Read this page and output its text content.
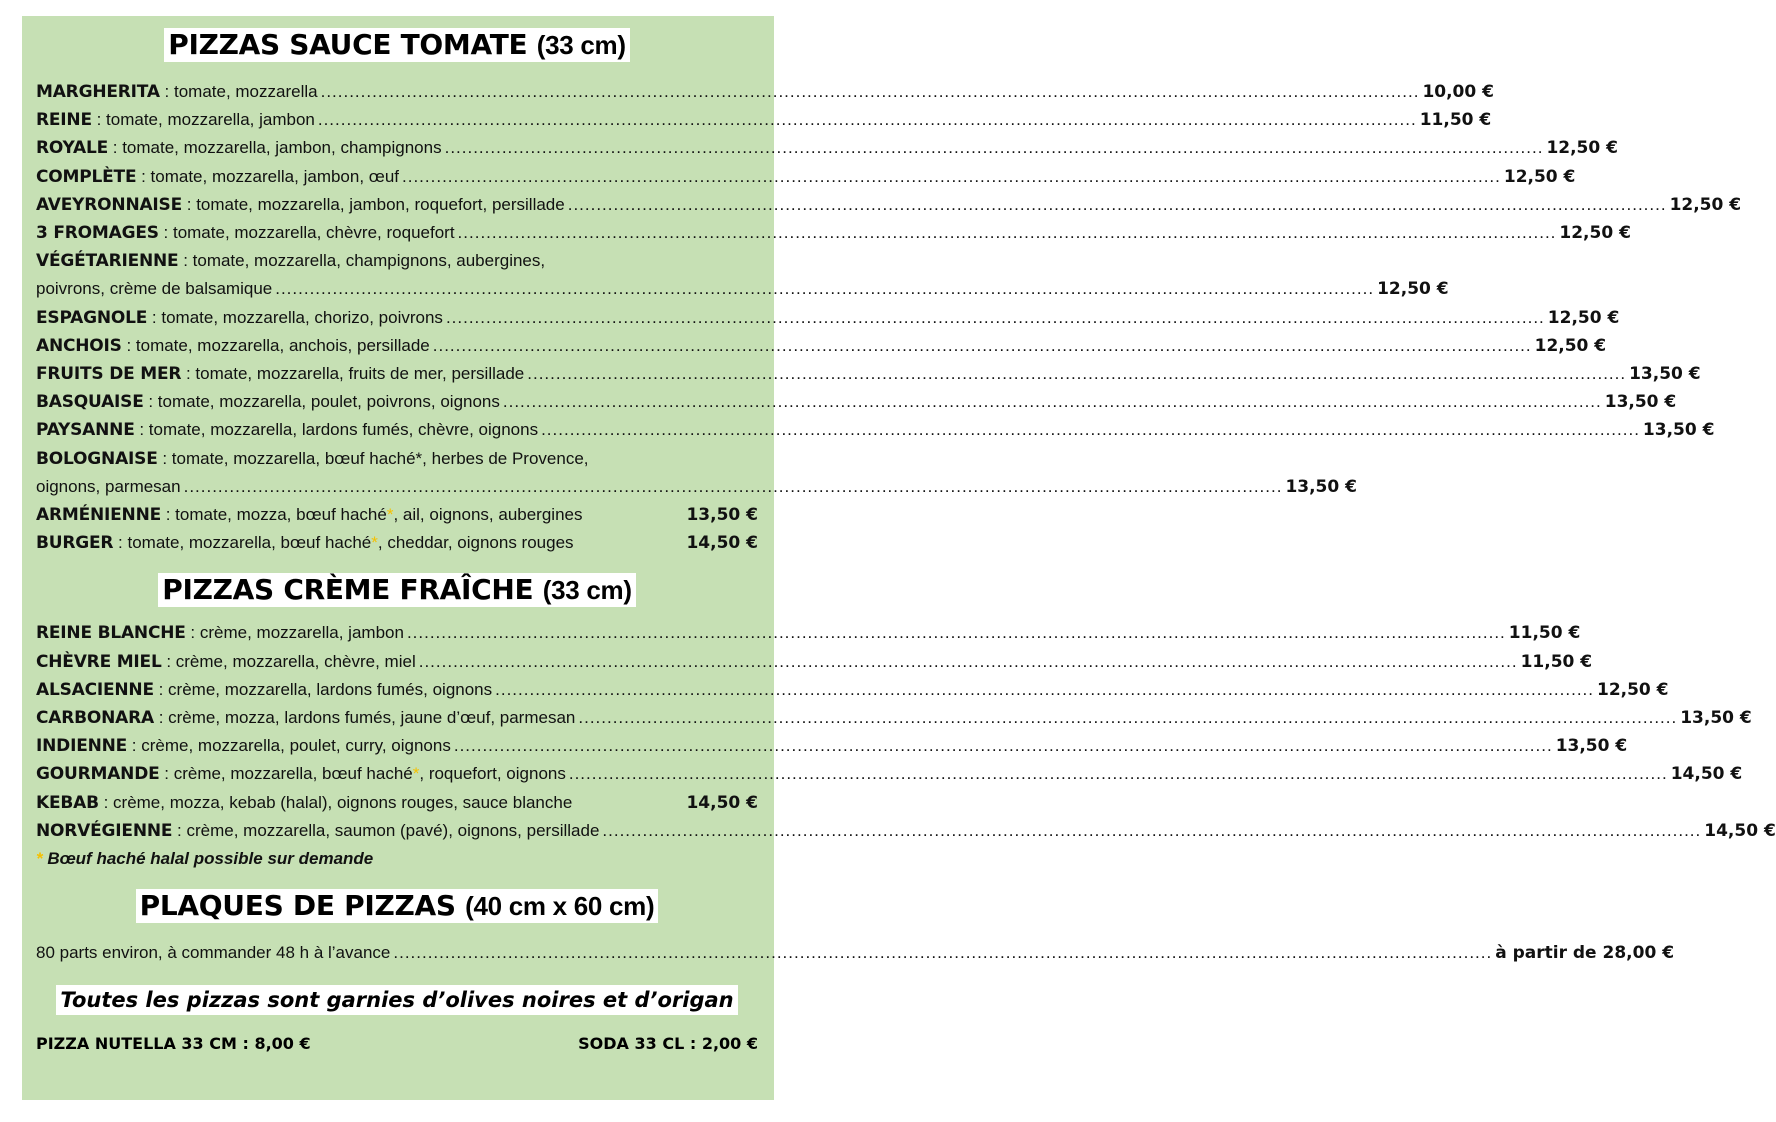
PIZZAS SAUCE TOMATE (33 cm)
MARGHERITA : tomate, mozzarella .....	10,00 €
REINE : tomate, mozzarella, jambon .....	11,50 €
ROYALE : tomate, mozzarella, jambon, champignons .....	12,50 €
COMPLÈTE : tomate, mozzarella, jambon, œuf .....	12,50 €
AVEYRONNAISE : tomate, mozzarella, jambon, roquefort, persillade .....	12,50 €
3 FROMAGES : tomate, mozzarella, chèvre, roquefort .....	12,50 €
VÉGÉTARIENNE : tomate, mozzarella, champignons, aubergines,
poivrons, crème de balsamique .....	12,50 €
ESPAGNOLE : tomate, mozzarella, chorizo, poivrons .....	12,50 €
ANCHOIS : tomate, mozzarella, anchois, persillade .....	12,50 €
FRUITS DE MER : tomate, mozzarella, fruits de mer, persillade .....	13,50 €
BASQUAISE : tomate, mozzarella, poulet, poivrons, oignons .....	13,50 €
PAYSANNE : tomate, mozzarella, lardons fumés, chèvre, oignons .....	13,50 €
BOLOGNAISE : tomate, mozzarella, bœuf haché*, herbes de Provence,
oignons, parmesan .....	13,50 €
ARMÉNIENNE : tomate, mozza, bœuf haché*, ail, oignons, aubergines	13,50 €
BURGER : tomate, mozzarella, bœuf haché*, cheddar, oignons rouges	14,50 €
PIZZAS CRÈME FRAÎCHE (33 cm)
REINE BLANCHE : crème, mozzarella, jambon .....	11,50 €
CHÈVRE MIEL : crème, mozzarella, chèvre, miel .....	11,50 €
ALSACIENNE : crème, mozzarella, lardons fumés, oignons .....	12,50 €
CARBONARA : crème, mozza, lardons fumés, jaune d’œuf, parmesan .....	13,50 €
INDIENNE : crème, mozzarella, poulet, curry, oignons .....	13,50 €
GOURMANDE : crème, mozzarella, bœuf haché*, roquefort, oignons .....	14,50 €
KEBAB : crème, mozza, kebab (halal), oignons rouges, sauce blanche	14,50 €
NORVÉGIENNE : crème, mozzarella, saumon (pavé), oignons, persillade .....	14,50 €
* Bœuf haché halal possible sur demande
PLAQUES DE PIZZAS (40 cm x 60 cm)
80 parts environ, à commander 48 h à l’avance .....	à partir de 28,00 €
Toutes les pizzas sont garnies d’olives noires et d’origan
PIZZA NUTELLA 33 CM : 8,00 €	SODA 33 CL : 2,00 €
